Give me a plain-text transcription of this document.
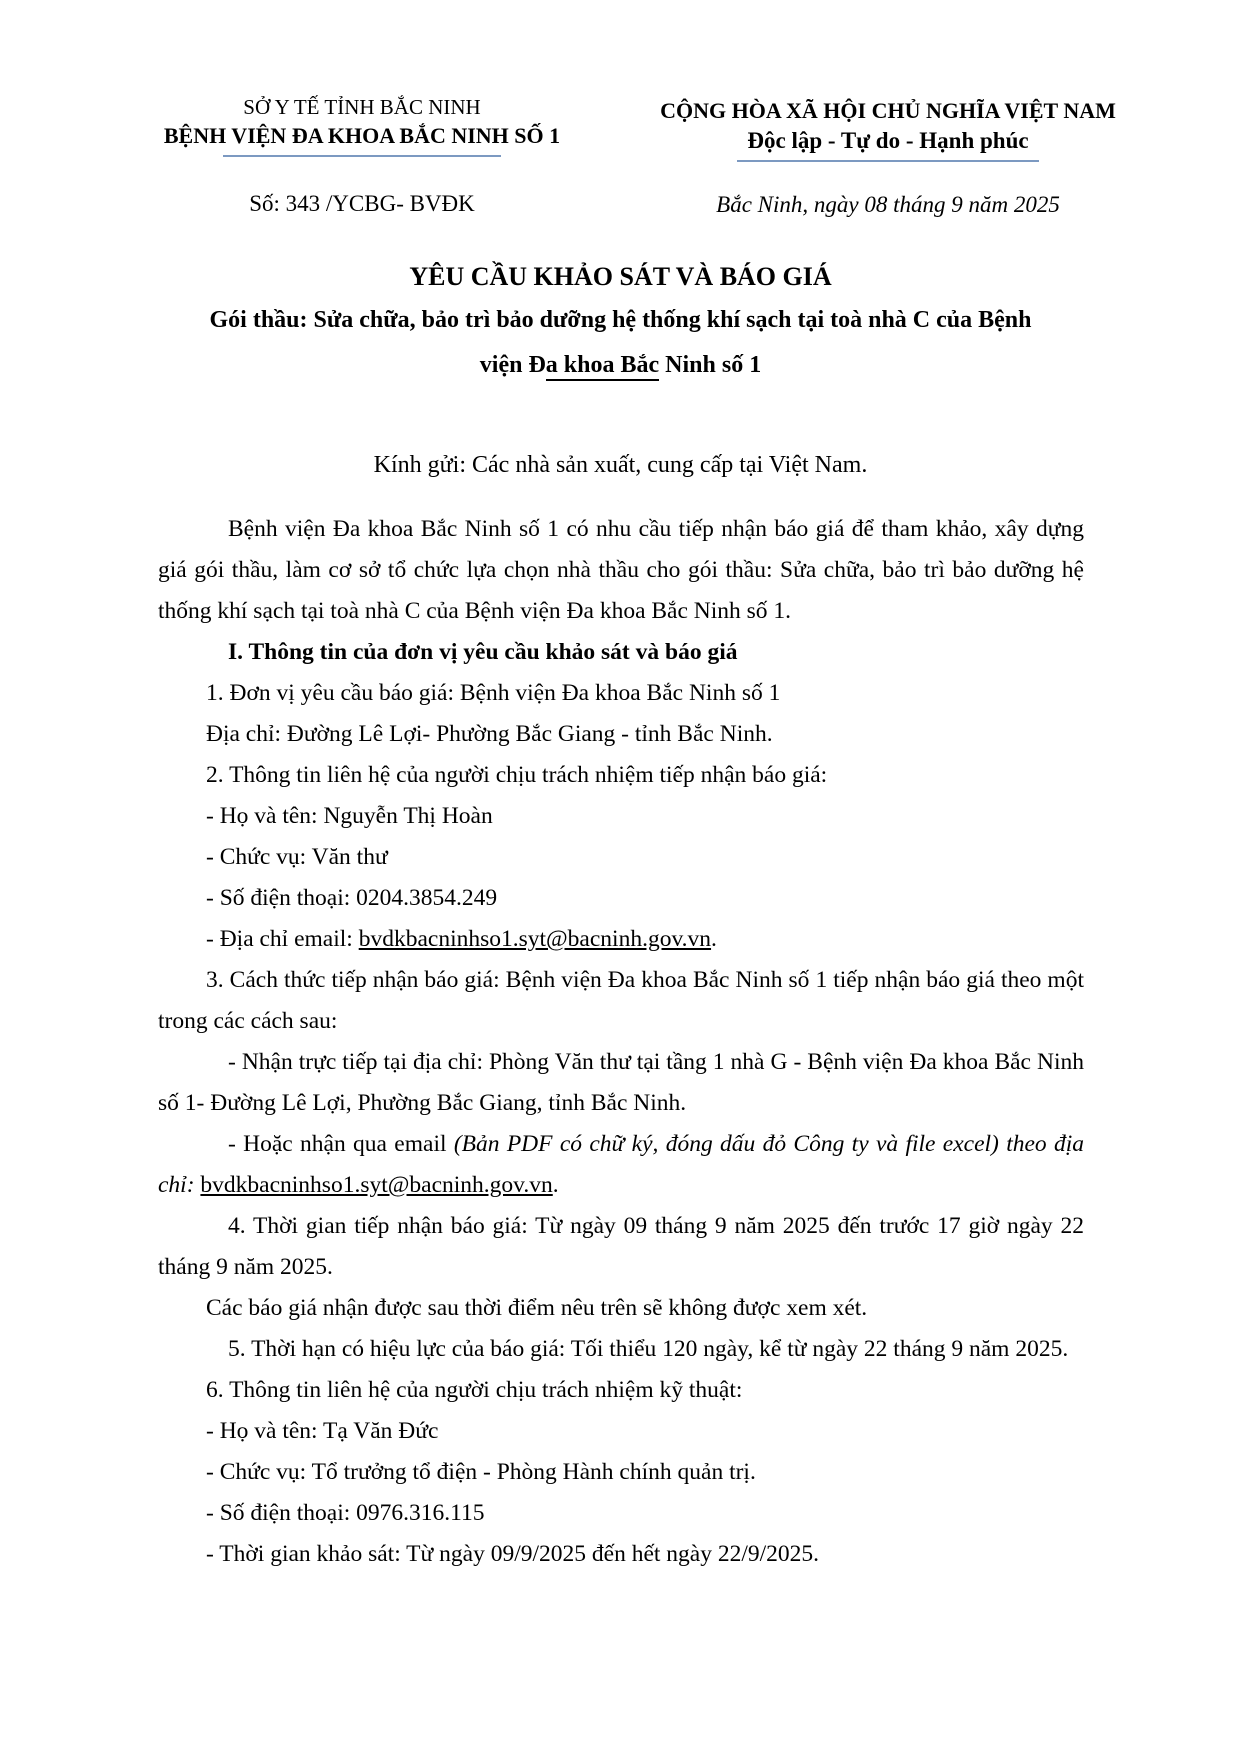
SỞ Y TẾ TỈNH BẮC NINH
BỆNH VIỆN ĐA KHOA BẮC NINH SỐ 1
Số: 343 /YCBG- BVĐK
CỘNG HÒA XÃ HỘI CHỦ NGHĨA VIỆT NAM
Độc lập - Tự do - Hạnh phúc
Bắc Ninh, ngày 08 tháng 9 năm 2025
YÊU CẦU KHẢO SÁT VÀ BÁO GIÁ
Gói thầu: Sửa chữa, bảo trì bảo dưỡng hệ thống khí sạch tại toà nhà C của Bệnh
viện Đa khoa Bắc Ninh số 1
Kính gửi: Các nhà sản xuất, cung cấp tại Việt Nam.

Bệnh viện Đa khoa Bắc Ninh số 1 có nhu cầu tiếp nhận báo giá để tham khảo, xây dựng giá gói thầu, làm cơ sở tổ chức lựa chọn nhà thầu cho gói thầu: Sửa chữa, bảo trì bảo dưỡng hệ thống khí sạch tại toà nhà C của Bệnh viện Đa khoa Bắc Ninh số 1.

I. Thông tin của đơn vị yêu cầu khảo sát và báo giá

1. Đơn vị yêu cầu báo giá: Bệnh viện Đa khoa Bắc Ninh số 1

Địa chỉ: Đường Lê Lợi- Phường Bắc Giang - tỉnh Bắc Ninh.

2. Thông tin liên hệ của người chịu trách nhiệm tiếp nhận báo giá:

- Họ và tên: Nguyễn Thị Hoàn

- Chức vụ: Văn thư

- Số điện thoại: 0204.3854.249

- Địa chỉ email: bvdkbacninhso1.syt@bacninh.gov.vn.

3. Cách thức tiếp nhận báo giá: Bệnh viện Đa khoa Bắc Ninh số 1 tiếp nhận báo giá theo một trong các cách sau:

- Nhận trực tiếp tại địa chỉ: Phòng Văn thư tại tầng 1 nhà G - Bệnh viện Đa khoa Bắc Ninh số 1- Đường Lê Lợi, Phường Bắc Giang, tỉnh Bắc Ninh.

- Hoặc nhận qua email (Bản PDF có chữ ký, đóng dấu đỏ Công ty và file excel) theo địa chỉ: bvdkbacninhso1.syt@bacninh.gov.vn.

4. Thời gian tiếp nhận báo giá: Từ ngày 09 tháng 9 năm 2025 đến trước 17 giờ ngày 22 tháng 9 năm 2025.

Các báo giá nhận được sau thời điểm nêu trên sẽ không được xem xét.

5. Thời hạn có hiệu lực của báo giá: Tối thiểu 120 ngày, kể từ ngày 22 tháng 9 năm 2025.

6. Thông tin liên hệ của người chịu trách nhiệm kỹ thuật:

- Họ và tên: Tạ Văn Đức

- Chức vụ: Tổ trưởng tổ điện - Phòng Hành chính quản trị.

- Số điện thoại: 0976.316.115

- Thời gian khảo sát: Từ ngày 09/9/2025 đến hết ngày 22/9/2025.
